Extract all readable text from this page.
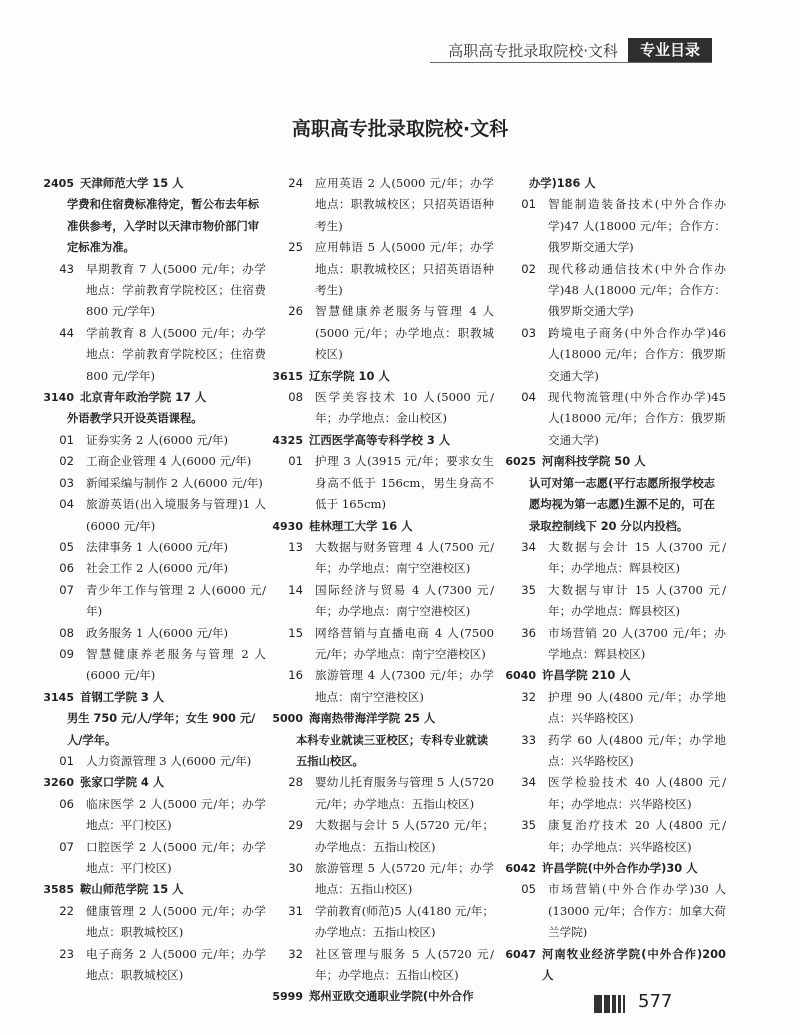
高职高专批录取院校·文科	专业目录
高职高专批录取院校·文科
2405 天津师范大学 15 人
学费和住宿费标准待定，暂公布去年标准供参考，入学时以天津市物价部门审定标准为准。
43	早期教育 7 人(5000 元/年；办学地点：学前教育学院校区；住宿费 800 元/学年)
44	学前教育 8 人(5000 元/年；办学地点：学前教育学院校区；住宿费 800 元/学年)
3140 北京青年政治学院 17 人
外语教学只开设英语课程。
01	证券实务 2 人(6000 元/年)
02	工商企业管理 4 人(6000 元/年)
03	新闻采编与制作 2 人(6000 元/年)
04	旅游英语(出入境服务与管理)1 人(6000 元/年)
05	法律事务 1 人(6000 元/年)
06	社会工作 2 人(6000 元/年)
07	青少年工作与管理 2 人(6000 元/年)
08	政务服务 1 人(6000 元/年)
09	智慧健康养老服务与管理 2 人(6000 元/年)
3145 首钢工学院 3 人
男生 750 元/人/学年；女生 900 元/人/学年。
01	人力资源管理 3 人(6000 元/年)
3260 张家口学院 4 人
06	临床医学 2 人(5000 元/年；办学地点：平门校区)
07	口腔医学 2 人(5000 元/年；办学地点：平门校区)
3585 鞍山师范学院 15 人
22	健康管理 2 人(5000 元/年；办学地点：职教城校区)
23	电子商务 2 人(5000 元/年；办学地点：职教城校区)
24	应用英语 2 人(5000 元/年；办学地点：职教城校区；只招英语语种考生)
25	应用韩语 5 人(5000 元/年；办学地点：职教城校区；只招英语语种考生)
26	智慧健康养老服务与管理 4 人(5000 元/年；办学地点：职教城校区)
3615 辽东学院 10 人
08	医学美容技术 10 人(5000 元/年；办学地点：金山校区)
4325 江西医学高等专科学校 3 人
01	护理 3 人(3915 元/年；要求女生身高不低于 156cm，男生身高不低于 165cm)
4930 桂林理工大学 16 人
13	大数据与财务管理 4 人(7500 元/年；办学地点：南宁空港校区)
14	国际经济与贸易 4 人(7300 元/年；办学地点：南宁空港校区)
15	网络营销与直播电商 4 人(7500 元/年；办学地点：南宁空港校区)
16	旅游管理 4 人(7300 元/年；办学地点：南宁空港校区)
5000 海南热带海洋学院 25 人
本科专业就读三亚校区；专科专业就读五指山校区。
28	婴幼儿托育服务与管理 5 人(5720 元/年；办学地点：五指山校区)
29	大数据与会计 5 人(5720 元/年；办学地点：五指山校区)
30	旅游管理 5 人(5720 元/年；办学地点：五指山校区)
31	学前教育(师范)5 人(4180 元/年；办学地点：五指山校区)
32	社区管理与服务 5 人(5720 元/年；办学地点：五指山校区)
5999 郑州亚欧交通职业学院(中外合作
办学)186 人
01	智能制造装备技术(中外合作办学)47 人(18000 元/年；合作方：俄罗斯交通大学)
02	现代移动通信技术(中外合作办学)48 人(18000 元/年；合作方：俄罗斯交通大学)
03	跨境电子商务(中外合作办学)46 人(18000 元/年；合作方：俄罗斯交通大学)
04	现代物流管理(中外合作办学)45 人(18000 元/年；合作方：俄罗斯交通大学)
6025 河南科技学院 50 人
认可对第一志愿(平行志愿所报学校志愿均视为第一志愿)生源不足的，可在录取控制线下 20 分以内投档。
34	大数据与会计 15 人(3700 元/年；办学地点：辉县校区)
35	大数据与审计 15 人(3700 元/年；办学地点：辉县校区)
36	市场营销 20 人(3700 元/年；办学地点：辉县校区)
6040 许昌学院 210 人
32	护理 90 人(4800 元/年；办学地点：兴华路校区)
33	药学 60 人(4800 元/年；办学地点：兴华路校区)
34	医学检验技术 40 人(4800 元/年；办学地点：兴华路校区)
35	康复治疗技术 20 人(4800 元/年；办学地点：兴华路校区)
6042 许昌学院(中外合作办学)30 人
05	市场营销(中外合作办学)30 人(13000 元/年；合作方：加拿大荷兰学院)
6047 河南牧业经济学院(中外合作)200 人
577
